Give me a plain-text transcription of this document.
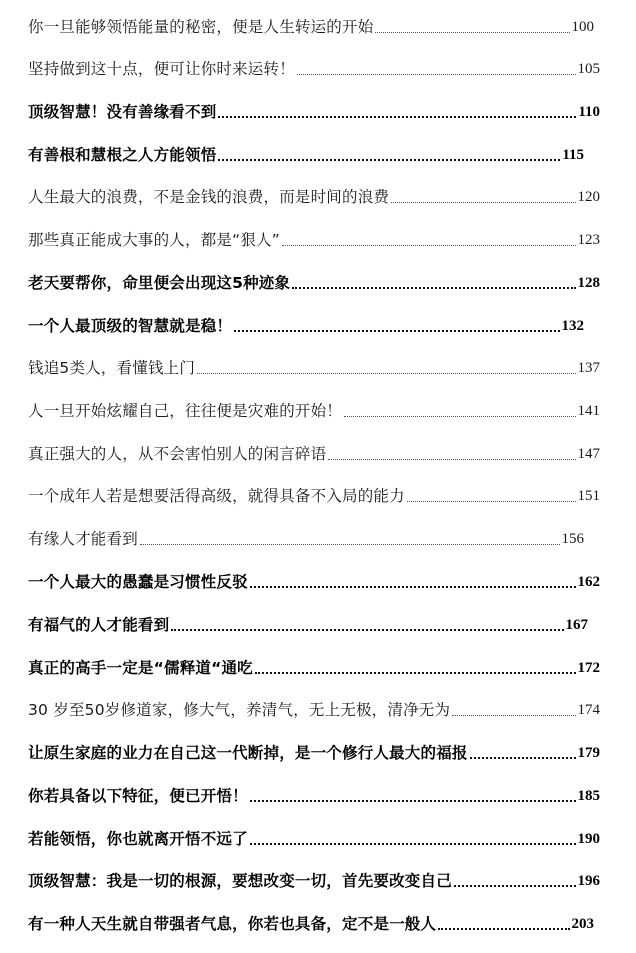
你一旦能够领悟能量的秘密，便是人生转运的开始	100
坚持做到这十点，便可让你时来运转！	105
顶级智慧！没有善缘看不到	110
有善根和慧根之人方能领悟	115
人生最大的浪费，不是金钱的浪费，而是时间的浪费	120
那些真正能成大事的人，都是“狠人”	123
老天要帮你，命里便会出现这5种迹象	128
一个人最顶级的智慧就是稳！	132
钱追5类人，看懂钱上门	137
人一旦开始炫耀自己，往往便是灾难的开始！	141
真正强大的人，从不会害怕别人的闲言碎语	147
一个成年人若是想要活得高级，就得具备不入局的能力	151
有缘人才能看到	156
一个人最大的愚蠢是习惯性反驳	162
有福气的人才能看到	167
真正的高手一定是“儒释道“通吃	172
30 岁至50岁修道家，修大气，养清气，无上无极，清净无为	174
让原生家庭的业力在自己这一代断掉，是一个修行人最大的福报	179
你若具备以下特征，便已开悟！	185
若能领悟，你也就离开悟不远了	190
顶级智慧：我是一切的根源，要想改变一切，首先要改变自己	196
有一种人天生就自带强者气息，你若也具备，定不是一般人	203
